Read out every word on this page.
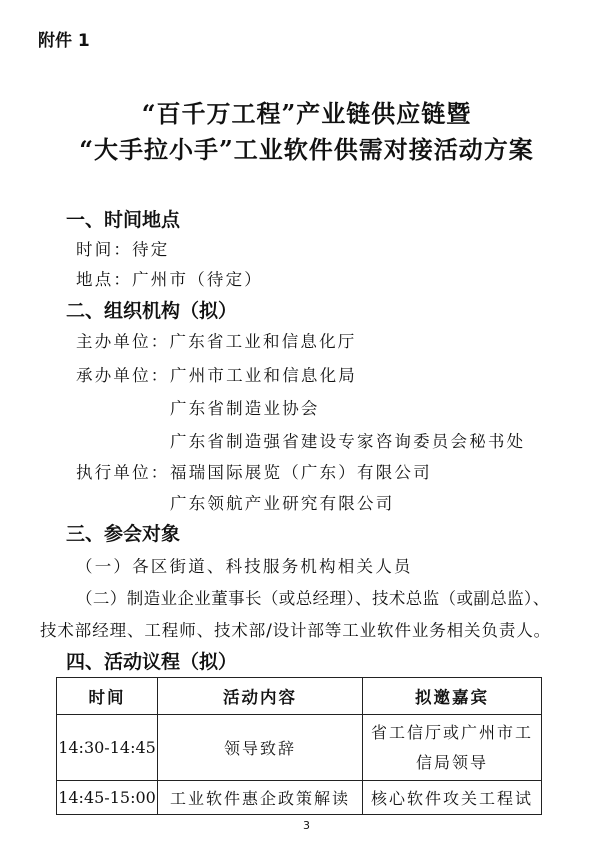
附件 1
“百千万工程”产业链供应链暨
“大手拉小手”工业软件供需对接活动方案
一、时间地点
时间：待定
地点：广州市（待定）
二、组织机构（拟）
主办单位：广东省工业和信息化厅
承办单位： 广州市工业和信息化局
广东省制造业协会
广东省制造强省建设专家咨询委员会秘书处
执行单位： 福瑞国际展览（广东）有限公司
广东领航产业研究有限公司
三、参会对象
（一）各区街道、科技服务机构相关人员
（二）制造业企业董事长（或总经理）、技术总监（或副总监）、
技术部经理、工程师、技术部/设计部等工业软件业务相关负责人。
四、活动议程（拟）
时间	活动内容	拟邀嘉宾
14:30-14:45	领导致辞	省工信厅或广州市工
信局领导

14:45-15:00	工业软件惠企政策解读	核心软件攻关工程试
3
